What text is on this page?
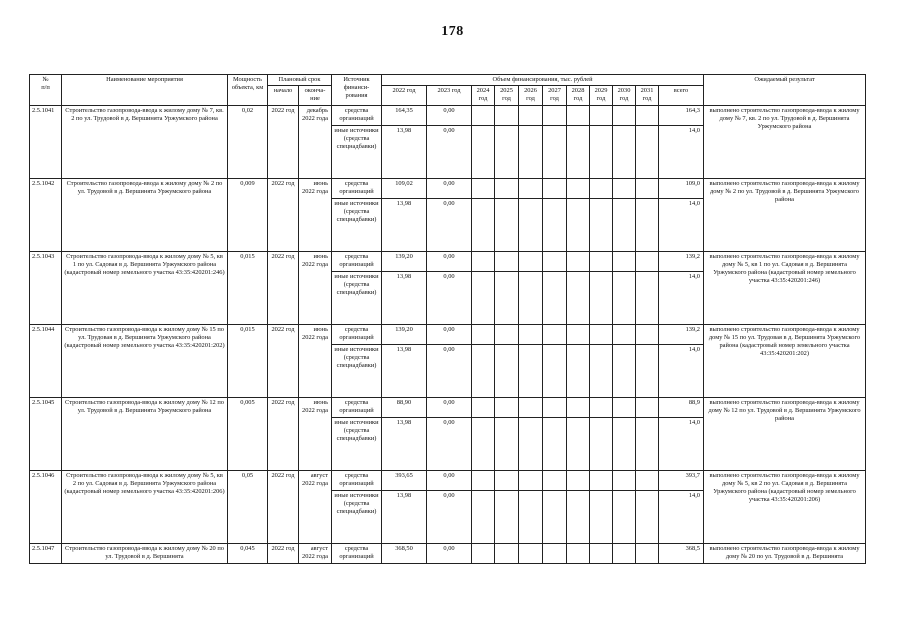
178
№
п/п	Наименование мероприятия	Мощность объекта, км	Плановый срок		Источник финанси-рования	Объем финансирования, тыс. рублей											Ожидаемый результат
			начало	оконча-ние		2022 год	2023 год	2024 год	2025 год	2026 год	2027 год	2028 год	2029 год	2030 год	2031 год	всего	
2.5.1041	Строительство газопровода-ввода к жилому дому № 7, кв. 2 по ул. Трудовой в д. Вершинята Уржумского района	0,02	2022 год	декабрь 2022 года	средства организаций	164,35	0,00									164,3	выполнено строительство газопровода-ввода к жилому дому № 7, кв. 2 по ул. Трудовой в д. Вершинята Уржумского района
					иные источники (средства спецнадбавки)	13,98	0,00									14,0	
2.5.1042	Строительство газопровода-ввода к жилому дому № 2 по ул. Трудовой в д. Вершинята Уржумского района	0,009	2022 год	июнь 2022 года	средства организаций	109,02	0,00									109,0	выполнено строительство газопровода-ввода к жилому дому № 2 по ул. Трудовой в д. Вершинята Уржумского района
					иные источники (средства спецнадбавки)	13,98	0,00									14,0	
2.5.1043	Строительство газопровода-ввода к жилому дому № 5, кв 1 по ул. Садовая в д. Вершинята Уржумского района (кадастровый номер земельного участка 43:35:420201:246)	0,015	2022 год	июнь 2022 года	средства организаций	139,20	0,00									139,2	выполнено строительство газопровода-ввода к жилому дому № 5, кв 1 по ул. Садовая в д. Вершинята Уржумского района (кадастровый номер земельного участка 43:35:420201:246)
					иные источники (средства спецнадбавки)	13,98	0,00									14,0	
2.5.1044	Строительство газопровода-ввода к жилому дому № 15 по ул. Трудовая в д. Вершинята Уржумского района (кадастровый номер земельного участка 43:35:420201:202)	0,015	2022 год	июнь 2022 года	средства организаций	139,20	0,00									139,2	выполнено строительство газопровода-ввода к жилому дому № 15 по ул. Трудовая в д. Вершинята Уржумского района (кадастровый номер земельного участка 43:35:420201:202)
					иные источники (средства спецнадбавки)	13,98	0,00									14,0	
2.5.1045	Строительство газопровода-ввода к жилому дому № 12 по ул. Трудовой в д. Вершинята Уржумского района	0,005	2022 год	июнь 2022 года	средства организаций	88,90	0,00									88,9	выполнено строительство газопровода-ввода к жилому дому № 12 по ул. Трудовой в д. Вершинята Уржумского района
					иные источники (средства спецнадбавки)	13,98	0,00									14,0	
2.5.1046	Строительство газопровода-ввода к жилому дому № 5, кв 2 по ул. Садовая в д. Вершинята Уржумского района (кадастровый номер земельного участка 43:35:420201:206)	0,05	2022 год	август 2022 года	средства организаций	393,65	0,00									393,7	выполнено строительство газопровода-ввода к жилому дому № 5, кв 2 по ул. Садовая в д. Вершинята Уржумского района (кадастровый номер земельного участка 43:35:420201:206)
					иные источники (средства спецнадбавки)	13,98	0,00									14,0	
2.5.1047	Строительство газопровода-ввода к жилому дому № 20 по ул. Трудовой в д. Вершинята	0,045	2022 год	август 2022 года	средства организаций	368,50	0,00									368,5	выполнено строительство газопровода-ввода к жилому дому № 20 по ул. Трудовой в д. Вершинята
